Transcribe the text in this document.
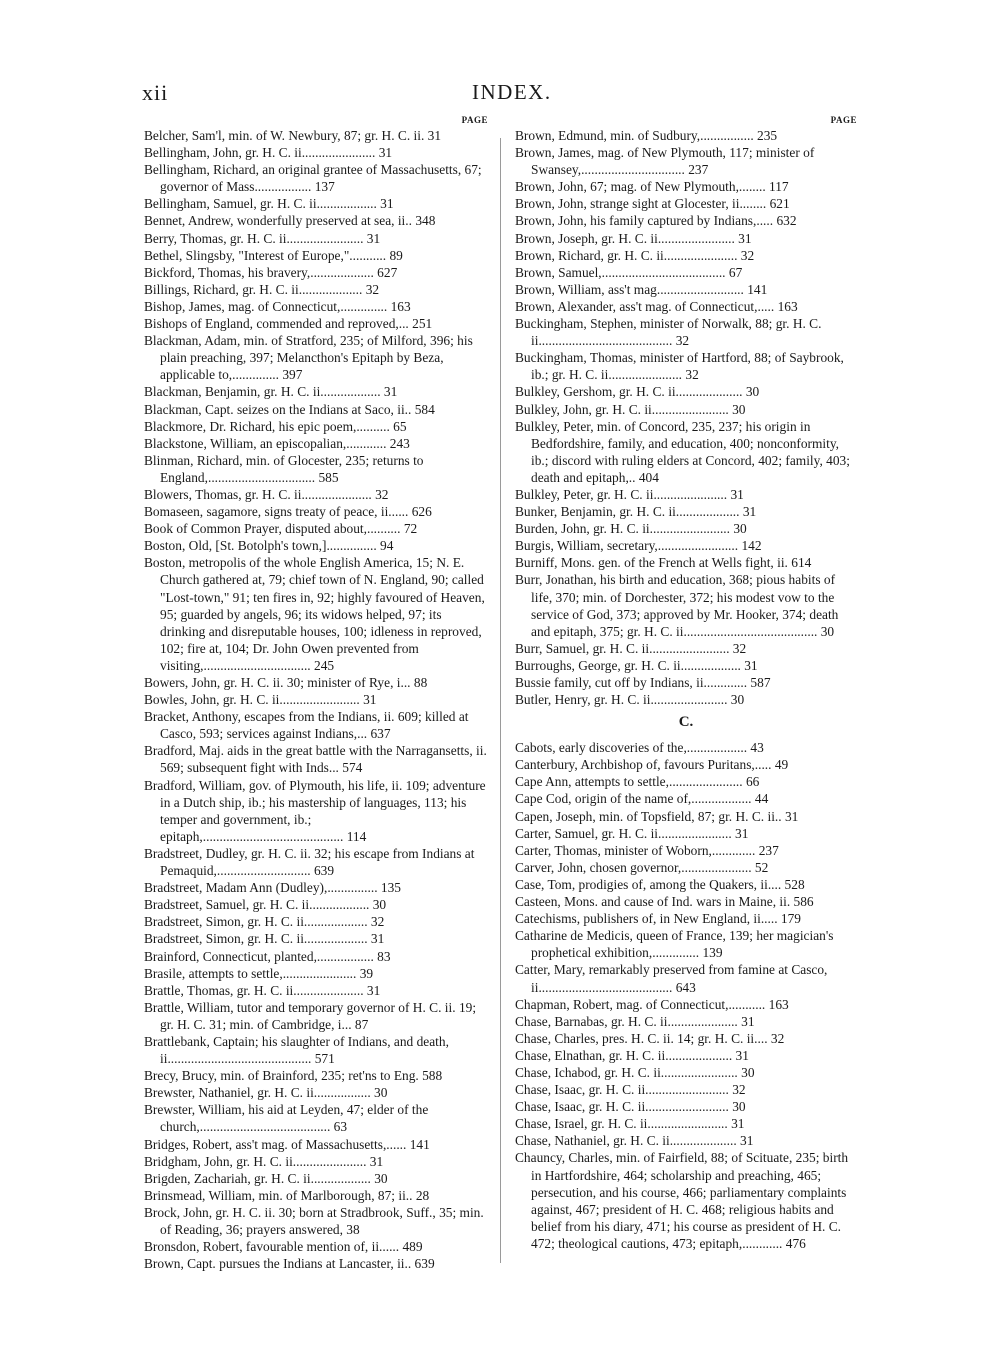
xii	INDEX.
PAGE
Belcher, Sam'l, min. of W. Newbury, 87; gr. H. C. ii. 31
Bellingham, John, gr. H. C. ii...................... 31
Bellingham, Richard, an original grantee of Massachusetts, 67; governor of Mass................. 137
Bellingham, Samuel, gr. H. C. ii.................. 31
Bennet, Andrew, wonderfully preserved at sea, ii.. 348
Berry, Thomas, gr. H. C. ii....................... 31
Bethel, Slingsby, "Interest of Europe,"........... 89
Bickford, Thomas, his bravery,................... 627
Billings, Richard, gr. H. C. ii................... 32
Bishop, James, mag. of Connecticut,.............. 163
Bishops of England, commended and reproved,... 251
Blackman, Adam, min. of Stratford, 235; of Milford, 396; his plain preaching, 397; Melancthon's Epitaph by Beza, applicable to,.............. 397
Blackman, Benjamin, gr. H. C. ii.................. 31
Blackman, Capt. seizes on the Indians at Saco, ii.. 584
Blackmore, Dr. Richard, his epic poem,.......... 65
Blackstone, William, an episcopalian,............ 243
Blinman, Richard, min. of Glocester, 235; returns to England,................................ 585
Blowers, Thomas, gr. H. C. ii..................... 32
Bomaseen, sagamore, signs treaty of peace, ii...... 626
Book of Common Prayer, disputed about,.......... 72
Boston, Old, [St. Botolph's town,]............... 94
Boston, metropolis of the whole English America, 15; N. E. Church gathered at, 79; chief town of N. England, 90; called "Lost-town," 91; ten fires in, 92; highly favoured of Heaven, 95; guarded by angels, 96; its widows helped, 97; its drinking and disreputable houses, 100; idleness in reproved, 102; fire at, 104; Dr. John Owen prevented from visiting,................................ 245
Bowers, John, gr. H. C. ii. 30; minister of Rye, i... 88
Bowles, John, gr. H. C. ii........................ 31
Bracket, Anthony, escapes from the Indians, ii. 609; killed at Casco, 593; services against Indians,... 637
Bradford, Maj. aids in the great battle with the Narragansetts, ii. 569; subsequent fight with Inds... 574
Bradford, William, gov. of Plymouth, his life, ii. 109; adventure in a Dutch ship, ib.; his mastership of languages, 113; his temper and government, ib.; epitaph,.......................................... 114
Bradstreet, Dudley, gr. H. C. ii. 32; his escape from Indians at Pemaquid,............................ 639
Bradstreet, Madam Ann (Dudley),............... 135
Bradstreet, Samuel, gr. H. C. ii.................. 30
Bradstreet, Simon, gr. H. C. ii................... 32
Bradstreet, Simon, gr. H. C. ii................... 31
Brainford, Connecticut, planted,................. 83
Brasile, attempts to settle,...................... 39
Brattle, Thomas, gr. H. C. ii..................... 31
Brattle, William, tutor and temporary governor of H. C. ii. 19; gr. H. C. 31; min. of Cambridge, i... 87
Brattlebank, Captain; his slaughter of Indians, and death, ii........................................... 571
Brecy, Brucy, min. of Brainford, 235; ret'ns to Eng. 588
Brewster, Nathaniel, gr. H. C. ii................. 30
Brewster, William, his aid at Leyden, 47; elder of the church,....................................... 63
Bridges, Robert, ass't mag. of Massachusetts,...... 141
Bridgham, John, gr. H. C. ii...................... 31
Brigden, Zachariah, gr. H. C. ii.................. 30
Brinsmead, William, min. of Marlborough, 87; ii.. 28
Brock, John, gr. H. C. ii. 30; born at Stradbrook, Suff., 35; min. of Reading, 36; prayers answered, 38
Bronsdon, Robert, favourable mention of, ii...... 489
Brown, Capt. pursues the Indians at Lancaster, ii.. 639
PAGE
Brown, Edmund, min. of Sudbury,................ 235
Brown, James, mag. of New Plymouth, 117; minister of Swansey,............................... 237
Brown, John, 67; mag. of New Plymouth,........ 117
Brown, John, strange sight at Glocester, ii........ 621
Brown, John, his family captured by Indians,..... 632
Brown, Joseph, gr. H. C. ii....................... 31
Brown, Richard, gr. H. C. ii...................... 32
Brown, Samuel,..................................... 67
Brown, William, ass't mag.......................... 141
Brown, Alexander, ass't mag. of Connecticut,..... 163
Buckingham, Stephen, minister of Norwalk, 88; gr. H. C. ii........................................ 32
Buckingham, Thomas, minister of Hartford, 88; of Saybrook, ib.; gr. H. C. ii...................... 32
Bulkley, Gershom, gr. H. C. ii.................... 30
Bulkley, John, gr. H. C. ii....................... 30
Bulkley, Peter, min. of Concord, 235, 237; his origin in Bedfordshire, family, and education, 400; nonconformity, ib.; discord with ruling elders at Concord, 402; family, 403; death and epitaph,.. 404
Bulkley, Peter, gr. H. C. ii...................... 31
Bunker, Benjamin, gr. H. C. ii................... 31
Burden, John, gr. H. C. ii........................ 30
Burgis, William, secretary,........................ 142
Burniff, Mons. gen. of the French at Wells fight, ii. 614
Burr, Jonathan, his birth and education, 368; pious habits of life, 370; min. of Dorchester, 372; his modest vow to the service of God, 373; approved by Mr. Hooker, 374; death and epitaph, 375; gr. H. C. ii........................................ 30
Burr, Samuel, gr. H. C. ii........................ 32
Burroughs, George, gr. H. C. ii.................. 31
Bussie family, cut off by Indians, ii............. 587
Butler, Henry, gr. H. C. ii....................... 30
C.
Cabots, early discoveries of the,.................. 43
Canterbury, Archbishop of, favours Puritans,..... 49
Cape Ann, attempts to settle,...................... 66
Cape Cod, origin of the name of,.................. 44
Capen, Joseph, min. of Topsfield, 87; gr. H. C. ii.. 31
Carter, Samuel, gr. H. C. ii...................... 31
Carter, Thomas, minister of Woborn,............. 237
Carver, John, chosen governor,..................... 52
Case, Tom, prodigies of, among the Quakers, ii.... 528
Casteen, Mons. and cause of Ind. wars in Maine, ii. 586
Catechisms, publishers of, in New England, ii..... 179
Catharine de Medicis, queen of France, 139; her magician's prophetical exhibition,.............. 139
Catter, Mary, remarkably preserved from famine at Casco, ii........................................ 643
Chapman, Robert, mag. of Connecticut,........... 163
Chase, Barnabas, gr. H. C. ii..................... 31
Chase, Charles, pres. H. C. ii. 14; gr. H. C. ii.... 32
Chase, Elnathan, gr. H. C. ii.................... 31
Chase, Ichabod, gr. H. C. ii....................... 30
Chase, Isaac, gr. H. C. ii......................... 32
Chase, Isaac, gr. H. C. ii......................... 30
Chase, Israel, gr. H. C. ii........................ 31
Chase, Nathaniel, gr. H. C. ii.................... 31
Chauncy, Charles, min. of Fairfield, 88; of Scituate, 235; birth in Hartfordshire, 464; scholarship and preaching, 465; persecution, and his course, 466; parliamentary complaints against, 467; president of H. C. 468; religious habits and belief from his diary, 471; his course as president of H. C. 472; theological cautions, 473; epitaph,............ 476
